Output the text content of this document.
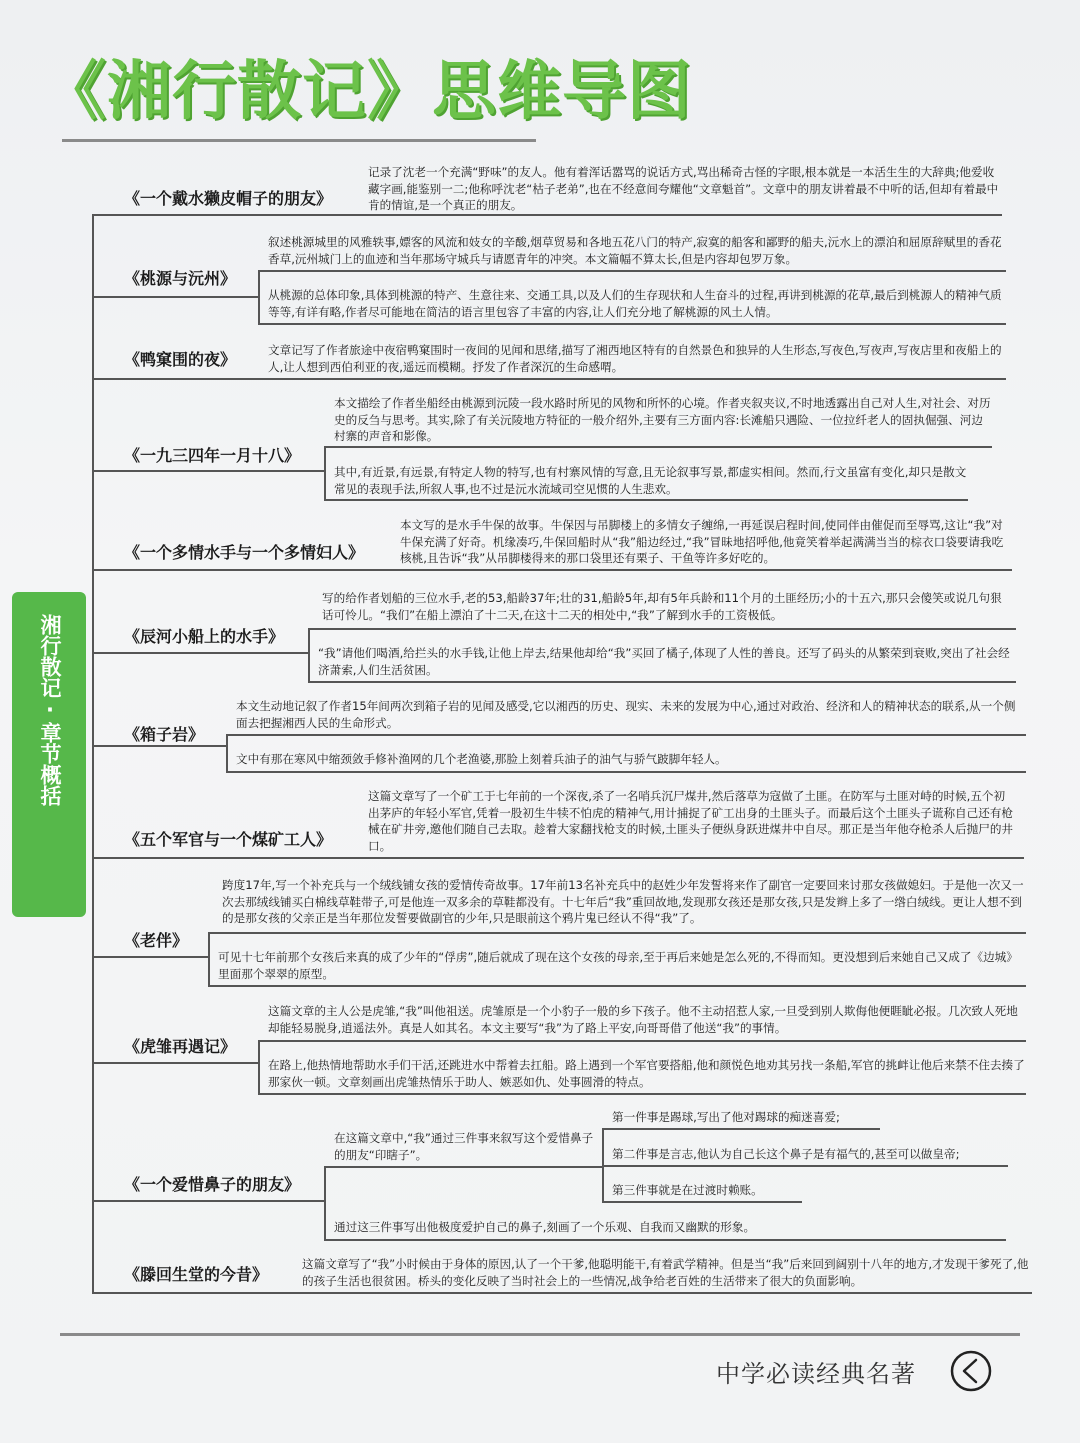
《湘行散记》思维导图
湘行散记·章节概括
《一个戴水獭皮帽子的朋友》

记录了沈老一个充满“野味”的友人。他有着浑话嚣骂的说话方式,骂出稀奇古怪的字眼,根本就是一本活生生的大辞典;他爱收藏字画,能鉴别一二;他称呼沈老“枯子老弟”,也在不经意间夸耀他“文章魁首”。文章中的朋友讲着最不中听的话,但却有着最中肯的情谊,是一个真正的朋友。

《桃源与沅州》

叙述桃源城里的风雅轶事,嫖客的风流和妓女的辛酸,烟草贸易和各地五花八门的特产,寂寞的船客和鄙野的船夫,沅水上的漂泊和屈原辞赋里的香花香草,沅州城门上的血迹和当年那场守城兵与请愿青年的冲突。本文篇幅不算太长,但是内容却包罗万象。

从桃源的总体印象,具体到桃源的特产、生意往来、交通工具,以及人们的生存现状和人生奋斗的过程,再讲到桃源的花草,最后到桃源人的精神气质等等,有详有略,作者尽可能地在简洁的语言里包容了丰富的内容,让人们充分地了解桃源的风土人情。

《鸭窠围的夜》	文章记写了作者旅途中夜宿鸭窠围时一夜间的见闻和思绪,描写了湘西地区特有的自然景色和独异的人生形态,写夜色,写夜声,写夜店里和夜船上的人,让人想到西伯利亚的夜,遥远而模糊。抒发了作者深沉的生命感喟。

《一九三四年一月十八》

本文描绘了作者坐船经由桃源到沅陵一段水路时所见的风物和所怀的心境。作者夹叙夹议,不时地透露出自己对人生,对社会、对历史的反刍与思考。其实,除了有关沅陵地方特征的一般介绍外,主要有三方面内容:长滩船只遇险、一位拉纤老人的固执倔强、河边村寨的声音和影像。

其中,有近景,有远景,有特定人物的特写,也有村寨风情的写意,且无论叙事写景,都虚实相间。然而,行文虽富有变化,却只是散文常见的表现手法,所叙人事,也不过是沅水流域司空见惯的人生悲欢。

《一个多情水手与一个多情妇人》

本文写的是水手牛保的故事。牛保因与吊脚楼上的多情女子缠绵,一再延误启程时间,使同伴由催促而至辱骂,这让“我”对牛保充满了好奇。机缘凑巧,牛保回船时从“我”船边经过,“我”冒昧地招呼他,他竟笑着举起满满当当的棕衣口袋要请我吃核桃,且告诉“我”从吊脚楼得来的那口袋里还有栗子、干鱼等许多好吃的。

《辰河小船上的水手》

写的给作者划船的三位水手,老的53,船龄37年;壮的31,船龄5年,却有5年兵龄和11个月的土匪经历;小的十五六,那只会傻笑或说几句狠话可怜儿。“我们”在船上漂泊了十二天,在这十二天的相处中,“我”了解到水手的工资极低。

“我”请他们喝酒,给拦头的水手钱,让他上岸去,结果他却给“我”买回了橘子,体现了人性的善良。还写了码头的从繁荣到衰败,突出了社会经济萧索,人们生活贫困。

《箱子岩》

本文生动地记叙了作者15年间两次到箱子岩的见闻及感受,它以湘西的历史、现实、未来的发展为中心,通过对政治、经济和人的精神状态的联系,从一个侧面去把握湘西人民的生命形式。

文中有那在寒风中缩颈敛手修补渔网的几个老渔婆,那脸上刻着兵油子的油气与骄气跛脚年轻人。

《五个军官与一个煤矿工人》

这篇文章写了一个矿工于七年前的一个深夜,杀了一名哨兵沉尸煤井,然后落草为寇做了土匪。在防军与土匪对峙的时候,五个初出茅庐的年轻小军官,凭着一股初生牛犊不怕虎的精神气,用计捕捉了矿工出身的土匪头子。而最后这个土匪头子谎称自己还有枪械在矿井旁,邀他们随自己去取。趁着大家翻找枪支的时候,土匪头子便纵身跃进煤井中自尽。那正是当年他夺枪杀人后抛尸的井口。

《老伴》

跨度17年,写一个补充兵与一个绒线铺女孩的爱情传奇故事。17年前13名补充兵中的赵姓少年发誓将来作了副官一定要回来讨那女孩做媳妇。于是他一次又一次去那绒线铺买白棉线草鞋带子,可是他连一双多余的草鞋都没有。十七年后“我”重回故地,发现那女孩还是那女孩,只是发辫上多了一绺白绒线。更让人想不到的是那女孩的父亲正是当年那位发誓要做副官的少年,只是眼前这个鸦片鬼已经认不得“我”了。

可见十七年前那个女孩后来真的成了少年的“俘虏”,随后就成了现在这个女孩的母亲,至于再后来她是怎么死的,不得而知。更没想到后来她自己又成了《边城》里面那个翠翠的原型。

《虎雏再遇记》

这篇文章的主人公是虎雏,“我”叫他祖送。虎雏原是一个小豹子一般的乡下孩子。他不主动招惹人家,一旦受到别人欺侮他便睚眦必报。几次致人死地却能轻易脱身,逍遥法外。真是人如其名。本文主要写“我”为了路上平安,向哥哥借了他送“我”的事情。

在路上,他热情地帮助水手们干活,还跳进水中帮着去扛船。路上遇到一个军官要搭船,他和颜悦色地劝其另找一条船,军官的挑衅让他后来禁不住去揍了那家伙一顿。文章刻画出虎雏热情乐于助人、嫉恶如仇、处事圆滑的特点。

《一个爱惜鼻子的朋友》

在这篇文章中,“我”通过三件事来叙写这个爱惜鼻子的朋友“印瞎子”。

通过这三件事写出他极度爱护自己的鼻子,刻画了一个乐观、自我而又幽默的形象。

第一件事是踢球,写出了他对踢球的痴迷喜爱;

第二件事是言志,他认为自己长这个鼻子是有福气的,甚至可以做皇帝;

第三件事就是在过渡时赖账。

《滕回生堂的今昔》

这篇文章写了“我”小时候由于身体的原因,认了一个干爹,他聪明能干,有着武学精神。但是当“我”后来回到阔别十八年的地方,才发现干爹死了,他的孩子生活也很贫困。桥头的变化反映了当时社会上的一些情况,战争给老百姓的生活带来了很大的负面影响。

中学必读经典名著
